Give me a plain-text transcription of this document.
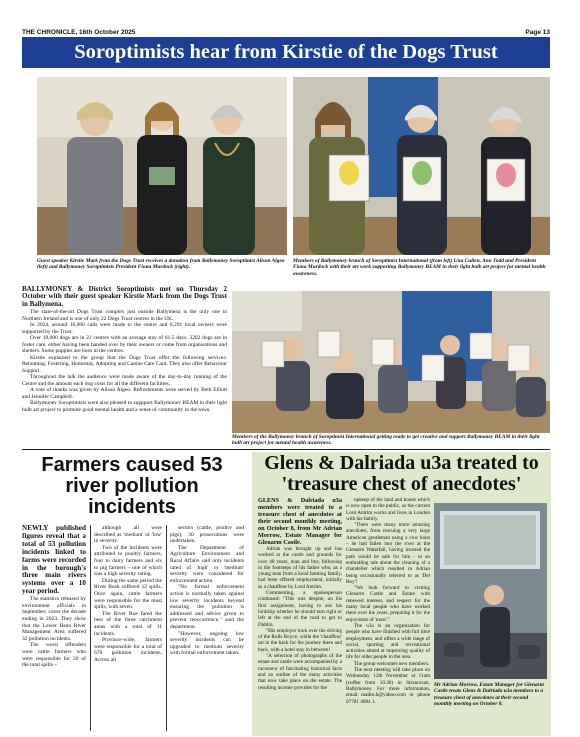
THE CHRONICLE, 16th October 2025	Page 13
Soroptimists hear from Kirstie of the Dogs Trust
Guest speaker Kirstie Mark from the Dogs Trust receives a donation from Ballymoney Soroptimist Alison Algeo (left) and Ballymoney Soroptimists President Fiona Murdock (right).
Members of Ballymoney branch of Soroptimist International (from left) Una Cullen, Ann Todd and President Fiona Murdock with their art work supporting Ballymoney BEAM in their light bulb art project for mental health awareness.
BALLYMONEY & District Soroptimists met on Thursday 2 October with their guest speaker Kirstie Mark from the Dogs Trust in Ballymena.

The state-of-the-art Dogs Trust complex just outside Ballymena is the only one in Northern Ireland and is one of only 22 Dogs Trust centres in the UK.

In 2024, around 16,000 calls were made to the centre and 8,291 local owners were supported by the Trust.

Over 10,000 dogs are in 22 centres with an average stay of 61.5 days. 3202 dogs are in foster care, either having been handed over by their owners or come from organisations and shelters. Some puppies are born in the centres.

Kirstie explained to the group that the Dogs Trust offer the following services: Rehoming, Fostering, Homestay, Adopting and Canine Care Card. They also offer Behaviour Support.

Throughout the talk the audience were made aware of the day-to-day running of the Centre and the amount each dog costs for all the different facilities.

A vote of thanks was given by Alison Algeo. Refreshments were served by Beth Elliott and Jennifer Campbell.

Ballymoney Soroptimists were also pleased to suppport Ballymoney BEAM in their light bulb art project to promote good mental health and a sense of community in the town.

Members of the Ballymoney branch of Soroptimist International getting ready to get creative and support Ballymoney BEAM in their light bulb art project for mental health awareness.
Farmers caused 53 river pollution incidents
NEWLY published figures reveal that a total of 53 pollution incidents linked to farms were recorded in the borough's three main rivers systems over a 10 year period.

The statistics released by environment officials in September, cover the decade ending in 2023. They show that the Lower Bann River Management Area suffered 32 pollution incidents.

The worst offenders were cattle farmers who were responsible for 20 of the total spills –

although all were described as 'medium' or 'low' in severity.

Two of the incidents were attributed to poultry farmers, four to dairy farmers and six to pig farmers – one of which was a high severity rating.

During the same period the River Bush suffered 12 spills. Once again, cattle farmers were responsible for the most spills, with seven.

The River Roe fared the best of the three catchment areas with a total of 11 incidents.

Province-wide, farmers were responsible for a total of 678 pollution incidents. Across all

sectors (cattle, poultry and pigs), 30 prosecutions were undertaken.

The Department of Agriculture Environment and Rural Affairs said only incidents rated of 'high' or 'medium' severity were considered for enforcement action.

"No formal enforcement action is normally taken against low severity incidents beyond ensuring the pollution is addressed and advice given to prevent reoccurrence," said the department.

"However, ongoing low severity incidents can be upgraded to medium severity with formal enforcement taken.

Glens & Dalriada u3a treated to 'treasure chest of anecdotes'
GLENS & Dalriada u3a members were treated to a treasure chest of anecdotes at their second monthly meeting, on October 8, from Mr Adrian Morrow, Estate Manager for Glenarm Castle.

Adrian was brought up and has worked at the castle and grounds for over 40 years, man and boy, following in the footsteps of his father who, as a young man from a local farming family, had been offered employment, initially as a chauffeur by Lord Antrim.

Commenting, a spokesperson continued: "This was despite, on his first assignment, having to ask his lordship whether he should turn right or left at the end of the road to get to Dublin.

"His employer took over the driving of the Rolls Royce, while the 'chauffeur' sat in the back for the journey there and back, with a hotel stay in between!

"A selection of photographs of the estate and castle were accompanied by a raconteur of fascinating historical facts and an outline of the many activities that now take place on the estate. The resulting income provides for the

upkeep of the land and house which is now open to the public, as the current Lord Antrim works and lives in London with his family.

"There were many more amusing anecdotes, from rescuing a very large American gentleman using a cow hoist – he had fallen into the river at the Glenarm Waterfall, having insisted the path would be safe for him - to an enthralling tale about the cleaning of a chandelier which resulted in Adrian being occasionally referred to as 'Del Boy'!

"We look forward to visiting Glenarm Castle and Estate with renewed interest, and respect for the many local people who have worked there over the years, preparing it for the enjoyment of 'most'."

The u3a is an organisation for people who have finished with full time employment, and offers a wide range of social, sporting and recreational activities aimed at improving quality of life for older people in the area.

The group welcomes new members.

The next meeting will take place on Wednesday 12th November at 11am (coffee from 10.30) in Stranocum, Ballymoney. For more information, email mailto.h@yahoo.com or phone 07781 4884 1.

Mr Adrian Morrow, Estate Manager for Glenarm Castle treats Glens & Dalriada u3a members to a treasure chest of anecdotes at their second monthly meeting on October 8.
